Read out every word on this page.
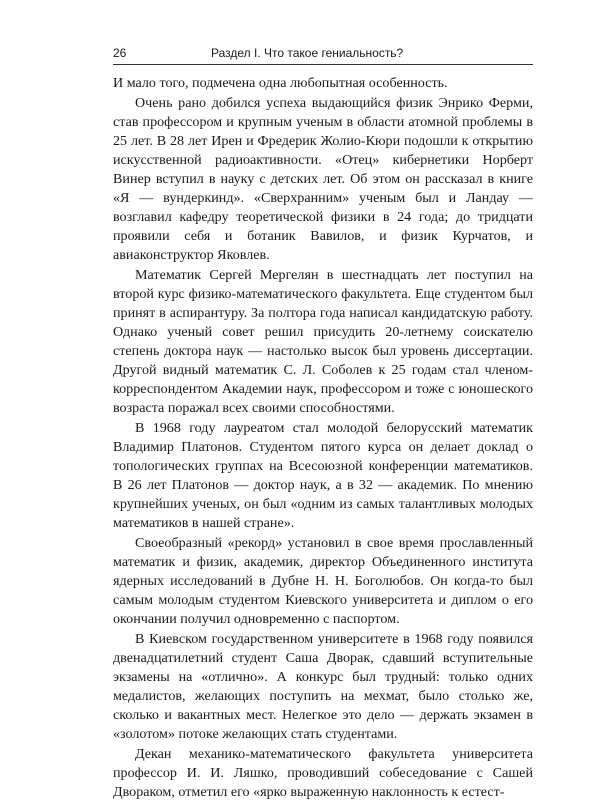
26	Раздел I. Что такое гениальность?

И мало того, подмечена одна любопытная особенность.

Очень рано добился успеха выдающийся физик Энрико Ферми, став профессором и крупным ученым в области атомной проблемы в 25 лет. В 28 лет Ирен и Фредерик Жолио-Кюри подошли к открытию искусственной радиоактивности. «Отец» кибернетики Норберт Винер вступил в науку с детских лет. Об этом он рассказал в книге «Я — вундеркинд». «Сверхранним» ученым был и Ландау — возглавил кафедру теоретической физики в 24 года; до тридцати проявили себя и ботаник Вавилов, и физик Курчатов, и авиаконструктор Яковлев.

Математик Сергей Мергелян в шестнадцать лет поступил на второй курс физико-математического факультета. Еще студентом был принят в аспирантуру. За полтора года написал кандидатскую работу. Однако ученый совет решил присудить 20-летнему соискателю степень доктора наук — настолько высок был уровень диссертации. Другой видный математик С. Л. Соболев к 25 годам стал членом-корреспондентом Академии наук, профессором и тоже с юношеского возраста поражал всех своими способностями.

В 1968 году лауреатом стал молодой белорусский математик Владимир Платонов. Студентом пятого курса он делает доклад о топологических группах на Всесоюзной конференции математиков. В 26 лет Платонов — доктор наук, а в 32 — академик. По мнению крупнейших ученых, он был «одним из самых талантливых молодых математиков в нашей стране».

Своеобразный «рекорд» установил в свое время прославленный математик и физик, академик, директор Объединенного института ядерных исследований в Дубне Н. Н. Боголюбов. Он когда-то был самым молодым студентом Киевского университета и диплом о его окончании получил одновременно с паспортом.

В Киевском государственном университете в 1968 году появился двенадцатилетний студент Саша Дворак, сдавший вступительные экзамены на «отлично». А конкурс был трудный: только одних медалистов, желающих поступить на мехмат, было столько же, сколько и вакантных мест. Нелегкое это дело — держать экзамен в «золотом» потоке желающих стать студентами.

Декан механико-математического факультета университета профессор И. И. Ляшко, проводивший собеседование с Сашей Двораком, отметил его «ярко выраженную наклонность к естест-
